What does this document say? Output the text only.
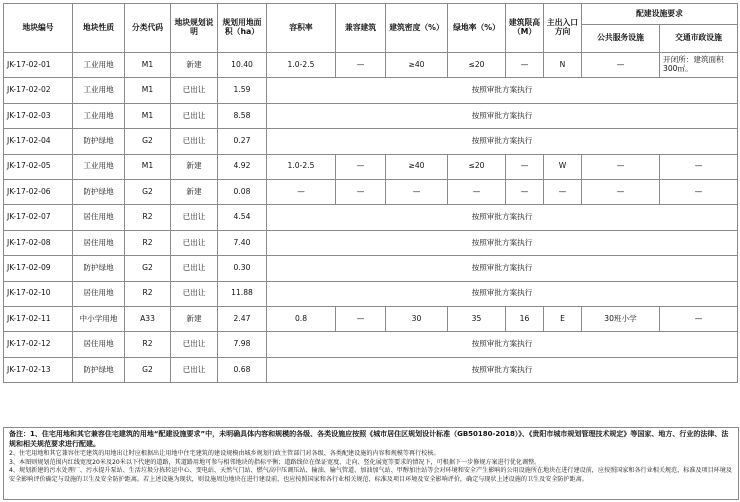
地块编号	地块性质	分类代码	地块规划说明	规划用地面积（ha）	容积率	兼容建筑	建筑密度（%）	绿地率（%）	建筑限高（M）	主出入口方向	配建设施要求	
											公共服务设施	交通市政设施
JK-17-02-01	工业用地	M1	新建	10.40	1.0-2.5	—	≥40	≤20	—	N	—	开闭所：建筑面积300㎡。
JK-17-02-02	工业用地	M1	已出让	1.59	按照审批方案执行							
JK-17-02-03	工业用地	M1	已出让	8.58	按照审批方案执行							
JK-17-02-04	防护绿地	G2	已出让	0.27	按照审批方案执行							
JK-17-02-05	工业用地	M1	新建	4.92	1.0-2.5	—	≥40	≤20	—	W	—	—
JK-17-02-06	防护绿地	G2	新建	0.08	—	—	—	—	—	—	—	—
JK-17-02-07	居住用地	R2	已出让	4.54	按照审批方案执行							
JK-17-02-08	居住用地	R2	已出让	7.40	按照审批方案执行							
JK-17-02-09	防护绿地	G2	已出让	0.30	按照审批方案执行							
JK-17-02-10	居住用地	R2	已出让	11.88	按照审批方案执行							
JK-17-02-11	中小学用地	A33	新建	2.47	0.8	—	30	35	16	E	30班小学	—
JK-17-02-12	居住用地	R2	已出让	7.98	按照审批方案执行							
JK-17-02-13	防护绿地	G2	已出让	0.68	按照审批方案执行							

备注：1、住宅用地和其它兼容住宅建筑的用地“配建设施要求”中，未明确具体内容和规模的各级、各类设施应按照《城市居住区规划设计标准（GB50180-2018）》、《贵阳市城市规划管理技术规定》等国家、地方、行业的法律、法规和相关规范要求进行配建。

2、住宅用地和其它兼容住宅建筑的用地出让时应根据出让用地中住宅建筑的建设规模由城乡规划行政主管部门对各级、各类配建设施的内容和规模等再行校核。

3、本图则规划范围内红线宽度20米及20米以下代建的道路，其道路用地可参与相邻地块的指标平衡；道路线位在保证宽度、走向、竖化展宽等要求的情况下，可根据下一步修规方案进行优化调整。

4、规划新建的污水处理厂、污水提升泵站、生活垃圾分拣转运中心、变电站、天然气门站、燃气高中压调压站、输油、输气管道、加油加气站、甲醇加注站等会对环境和安全产生影响的公用设施所在地块在进行建设前，应按照国家和各行业相关规范、标准及项目环境及安全影响评价确定与设施的卫生及安全防护距离。若上述设施为现状，则设施周边地块在进行建设前，也应按照国家和各行业相关规范、标准及项目环境及安全影响评价，确定与现状上述设施的卫生及安全防护距离。
